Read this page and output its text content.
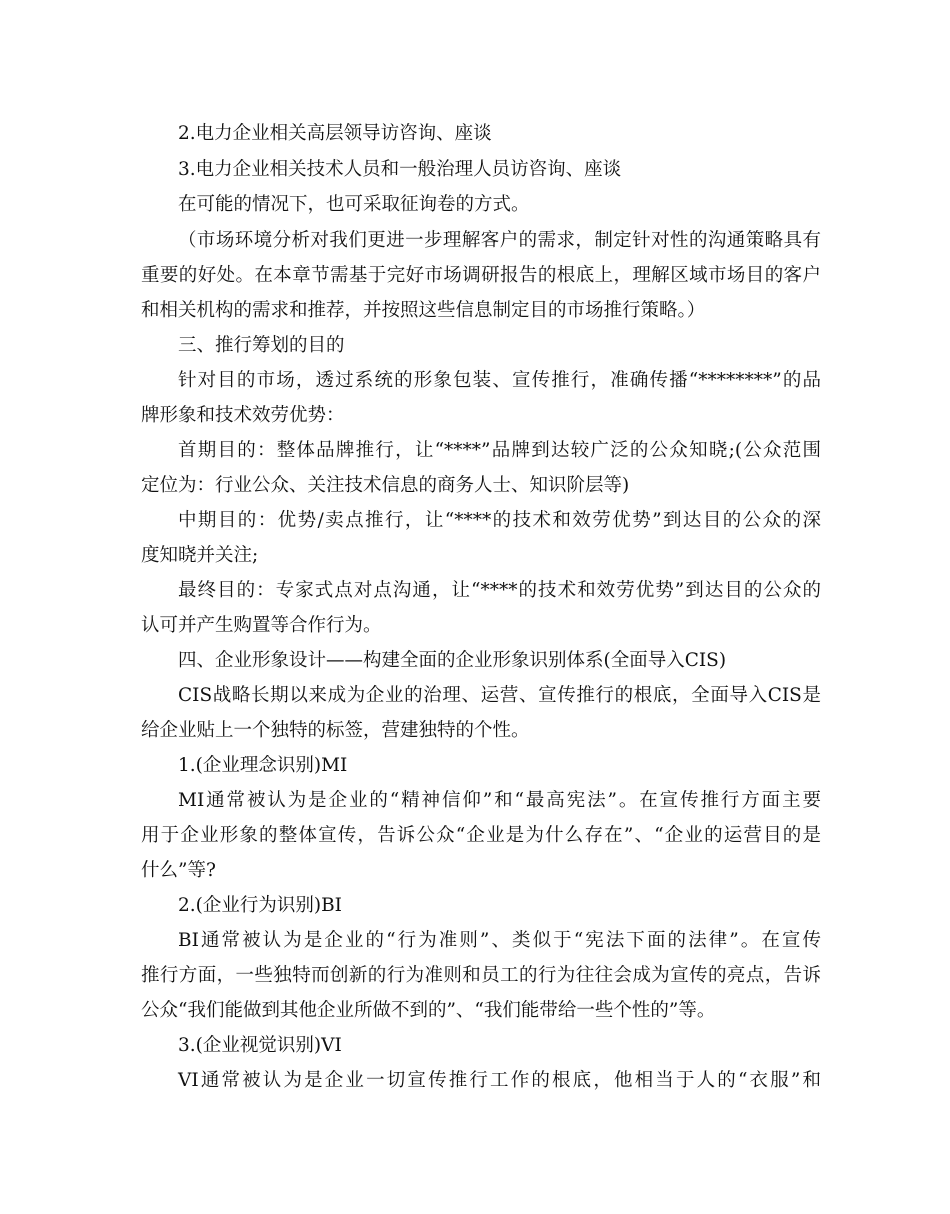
2.电力企业相关高层领导访咨询、座谈
3.电力企业相关技术人员和一般治理人员访咨询、座谈
在可能的情况下，也可采取征询卷的方式。
（市场环境分析对我们更进一步理解客户的需求，制定针对性的沟通策略具有
重要的好处。在本章节需基于完好市场调研报告的根底上，理解区域市场目的客户
和相关机构的需求和推荐，并按照这些信息制定目的市场推行策略。）
三、推行筹划的目的
针对目的市场，透过系统的形象包装、宣传推行，准确传播“********”的品
牌形象和技术效劳优势：
首期目的：整体品牌推行，让“****”品牌到达较广泛的公众知晓;(公众范围
定位为：行业公众、关注技术信息的商务人士、知识阶层等)
中期目的：优势/卖点推行，让“****的技术和效劳优势”到达目的公众的深
度知晓并关注;
最终目的：专家式点对点沟通，让“****的技术和效劳优势”到达目的公众的
认可并产生购置等合作行为。
四、企业形象设计——构建全面的企业形象识别体系(全面导入CIS)
CIS战略长期以来成为企业的治理、运营、宣传推行的根底，全面导入CIS是
给企业贴上一个独特的标签，营建独特的个性。
1.(企业理念识别)MI
MI通常被认为是企业的“精神信仰”和“最高宪法”。在宣传推行方面主要
用于企业形象的整体宣传，告诉公众“企业是为什么存在”、“企业的运营目的是
什么”等?
2.(企业行为识别)BI
BI通常被认为是企业的“行为准则”、类似于“宪法下面的法律”。在宣传
推行方面，一些独特而创新的行为准则和员工的行为往往会成为宣传的亮点，告诉
公众“我们能做到其他企业所做不到的”、“我们能带给一些个性的”等。
3.(企业视觉识别)VI
VI通常被认为是企业一切宣传推行工作的根底，他相当于人的“衣服”和
